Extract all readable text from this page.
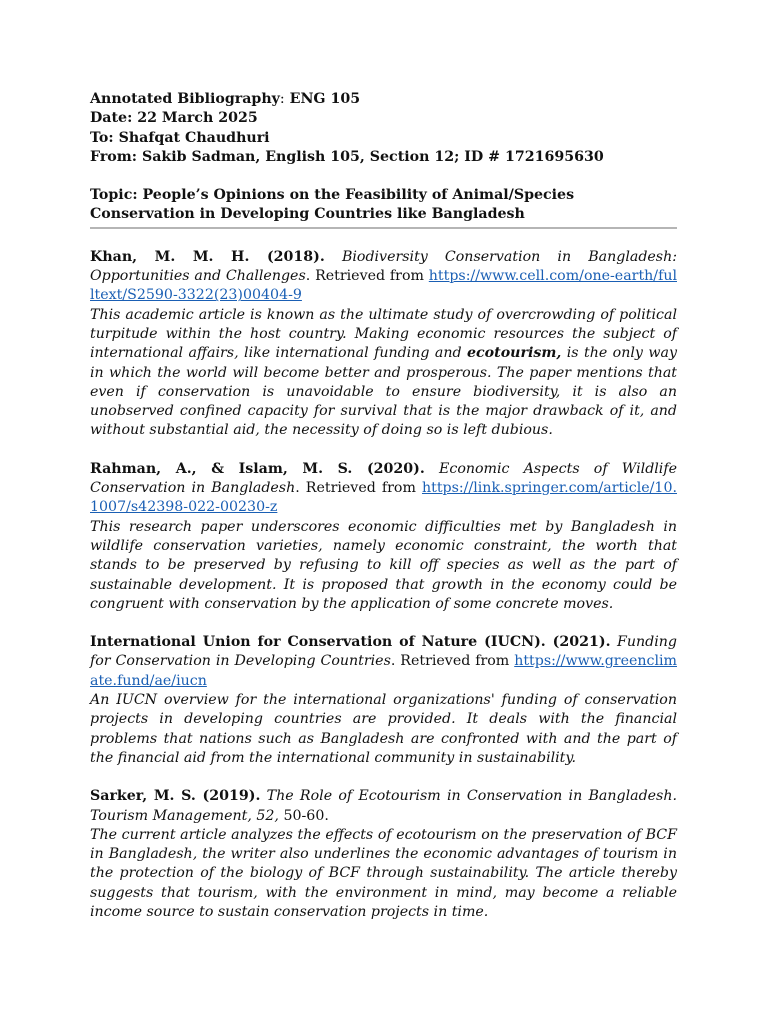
Annotated Bibliography: ENG 105
Date: 22 March 2025
To: Shafqat Chaudhuri
From: Sakib Sadman, English 105, Section 12; ID # 1721695630
Topic: People’s Opinions on the Feasibility of Animal/Species Conservation in Developing Countries like Bangladesh
Khan, M. M. H. (2018). Biodiversity Conservation in Bangladesh: Opportunities and Challenges. Retrieved from https://www.cell.com/one-earth/fulltext/S2590-3322(23)00404-9
This academic article is known as the ultimate study of overcrowding of political turpitude within the host country. Making economic resources the subject of international affairs, like international funding and ecotourism, is the only way in which the world will become better and prosperous. The paper mentions that even if conservation is unavoidable to ensure biodiversity, it is also an unobserved confined capacity for survival that is the major drawback of it, and without substantial aid, the necessity of doing so is left dubious.
Rahman, A., & Islam, M. S. (2020). Economic Aspects of Wildlife Conservation in Bangladesh. Retrieved from https://link.springer.com/article/10.1007/s42398-022-00230-z
This research paper underscores economic difficulties met by Bangladesh in wildlife conservation varieties, namely economic constraint, the worth that stands to be preserved by refusing to kill off species as well as the part of sustainable development. It is proposed that growth in the economy could be congruent with conservation by the application of some concrete moves.
International Union for Conservation of Nature (IUCN). (2021). Funding for Conservation in Developing Countries. Retrieved from https://www.greenclimate.fund/ae/iucn
An IUCN overview for the international organizations' funding of conservation projects in developing countries are provided. It deals with the financial problems that nations such as Bangladesh are confronted with and the part of the financial aid from the international community in sustainability.
Sarker, M. S. (2019). The Role of Ecotourism in Conservation in Bangladesh. Tourism Management, 52, 50-60.
The current article analyzes the effects of ecotourism on the preservation of BCF in Bangladesh, the writer also underlines the economic advantages of tourism in the protection of the biology of BCF through sustainability. The article thereby suggests that tourism, with the environment in mind, may become a reliable income source to sustain conservation projects in time.
